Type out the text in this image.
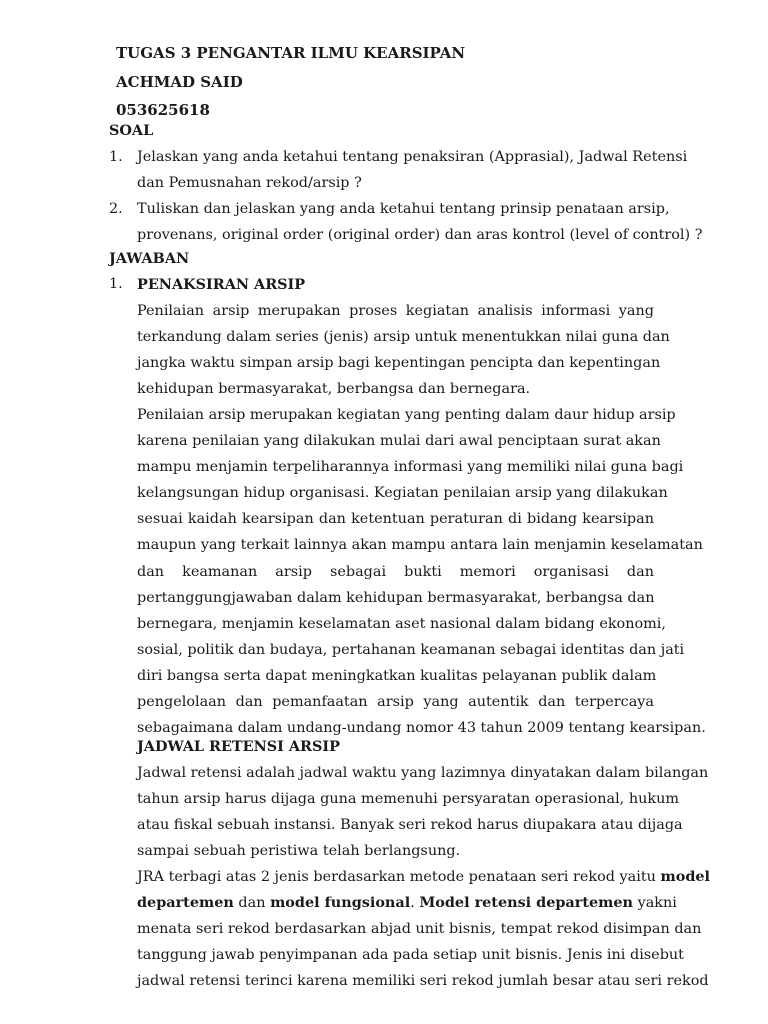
TUGAS 3 PENGANTAR ILMU KEARSIPAN
ACHMAD SAID
053625618
SOAL
1. Jelaskan yang anda ketahui tentang penaksiran (Apprasial), Jadwal Retensi
dan Pemusnahan rekod/arsip ?
2. Tuliskan dan jelaskan yang anda ketahui tentang prinsip penataan arsip,
provenans, original order (original order) dan aras kontrol (level of control) ?
JAWABAN
1. PENAKSIRAN ARSIP
Penilaian arsip merupakan proses kegiatan analisis informasi yang
terkandung dalam series (jenis) arsip untuk menentukkan nilai guna dan
jangka waktu simpan arsip bagi kepentingan pencipta dan kepentingan
kehidupan bermasyarakat, berbangsa dan bernegara.
Penilaian arsip merupakan kegiatan yang penting dalam daur hidup arsip
karena penilaian yang dilakukan mulai dari awal penciptaan surat akan
mampu menjamin terpeliharannya informasi yang memiliki nilai guna bagi
kelangsungan hidup organisasi. Kegiatan penilaian arsip yang dilakukan
sesuai kaidah kearsipan dan ketentuan peraturan di bidang kearsipan
maupun yang terkait lainnya akan mampu antara lain menjamin keselamatan
dan keamanan arsip sebagai bukti memori organisasi dan
pertanggungjawaban dalam kehidupan bermasyarakat, berbangsa dan
bernegara, menjamin keselamatan aset nasional dalam bidang ekonomi,
sosial, politik dan budaya, pertahanan keamanan sebagai identitas dan jati
diri bangsa serta dapat meningkatkan kualitas pelayanan publik dalam
pengelolaan dan pemanfaatan arsip yang autentik dan terpercaya
sebagaimana dalam undang-undang nomor 43 tahun 2009 tentang kearsipan.
JADWAL RETENSI ARSIP
Jadwal retensi adalah jadwal waktu yang lazimnya dinyatakan dalam bilangan
tahun arsip harus dijaga guna memenuhi persyaratan operasional, hukum
atau fiskal sebuah instansi. Banyak seri rekod harus diupakara atau dijaga
sampai sebuah peristiwa telah berlangsung.
JRA terbagi atas 2 jenis berdasarkan metode penataan seri rekod yaitu model
departemen dan model fungsional. Model retensi departemen yakni
menata seri rekod berdasarkan abjad unit bisnis, tempat rekod disimpan dan
tanggung jawab penyimpanan ada pada setiap unit bisnis. Jenis ini disebut
jadwal retensi terinci karena memiliki seri rekod jumlah besar atau seri rekod
